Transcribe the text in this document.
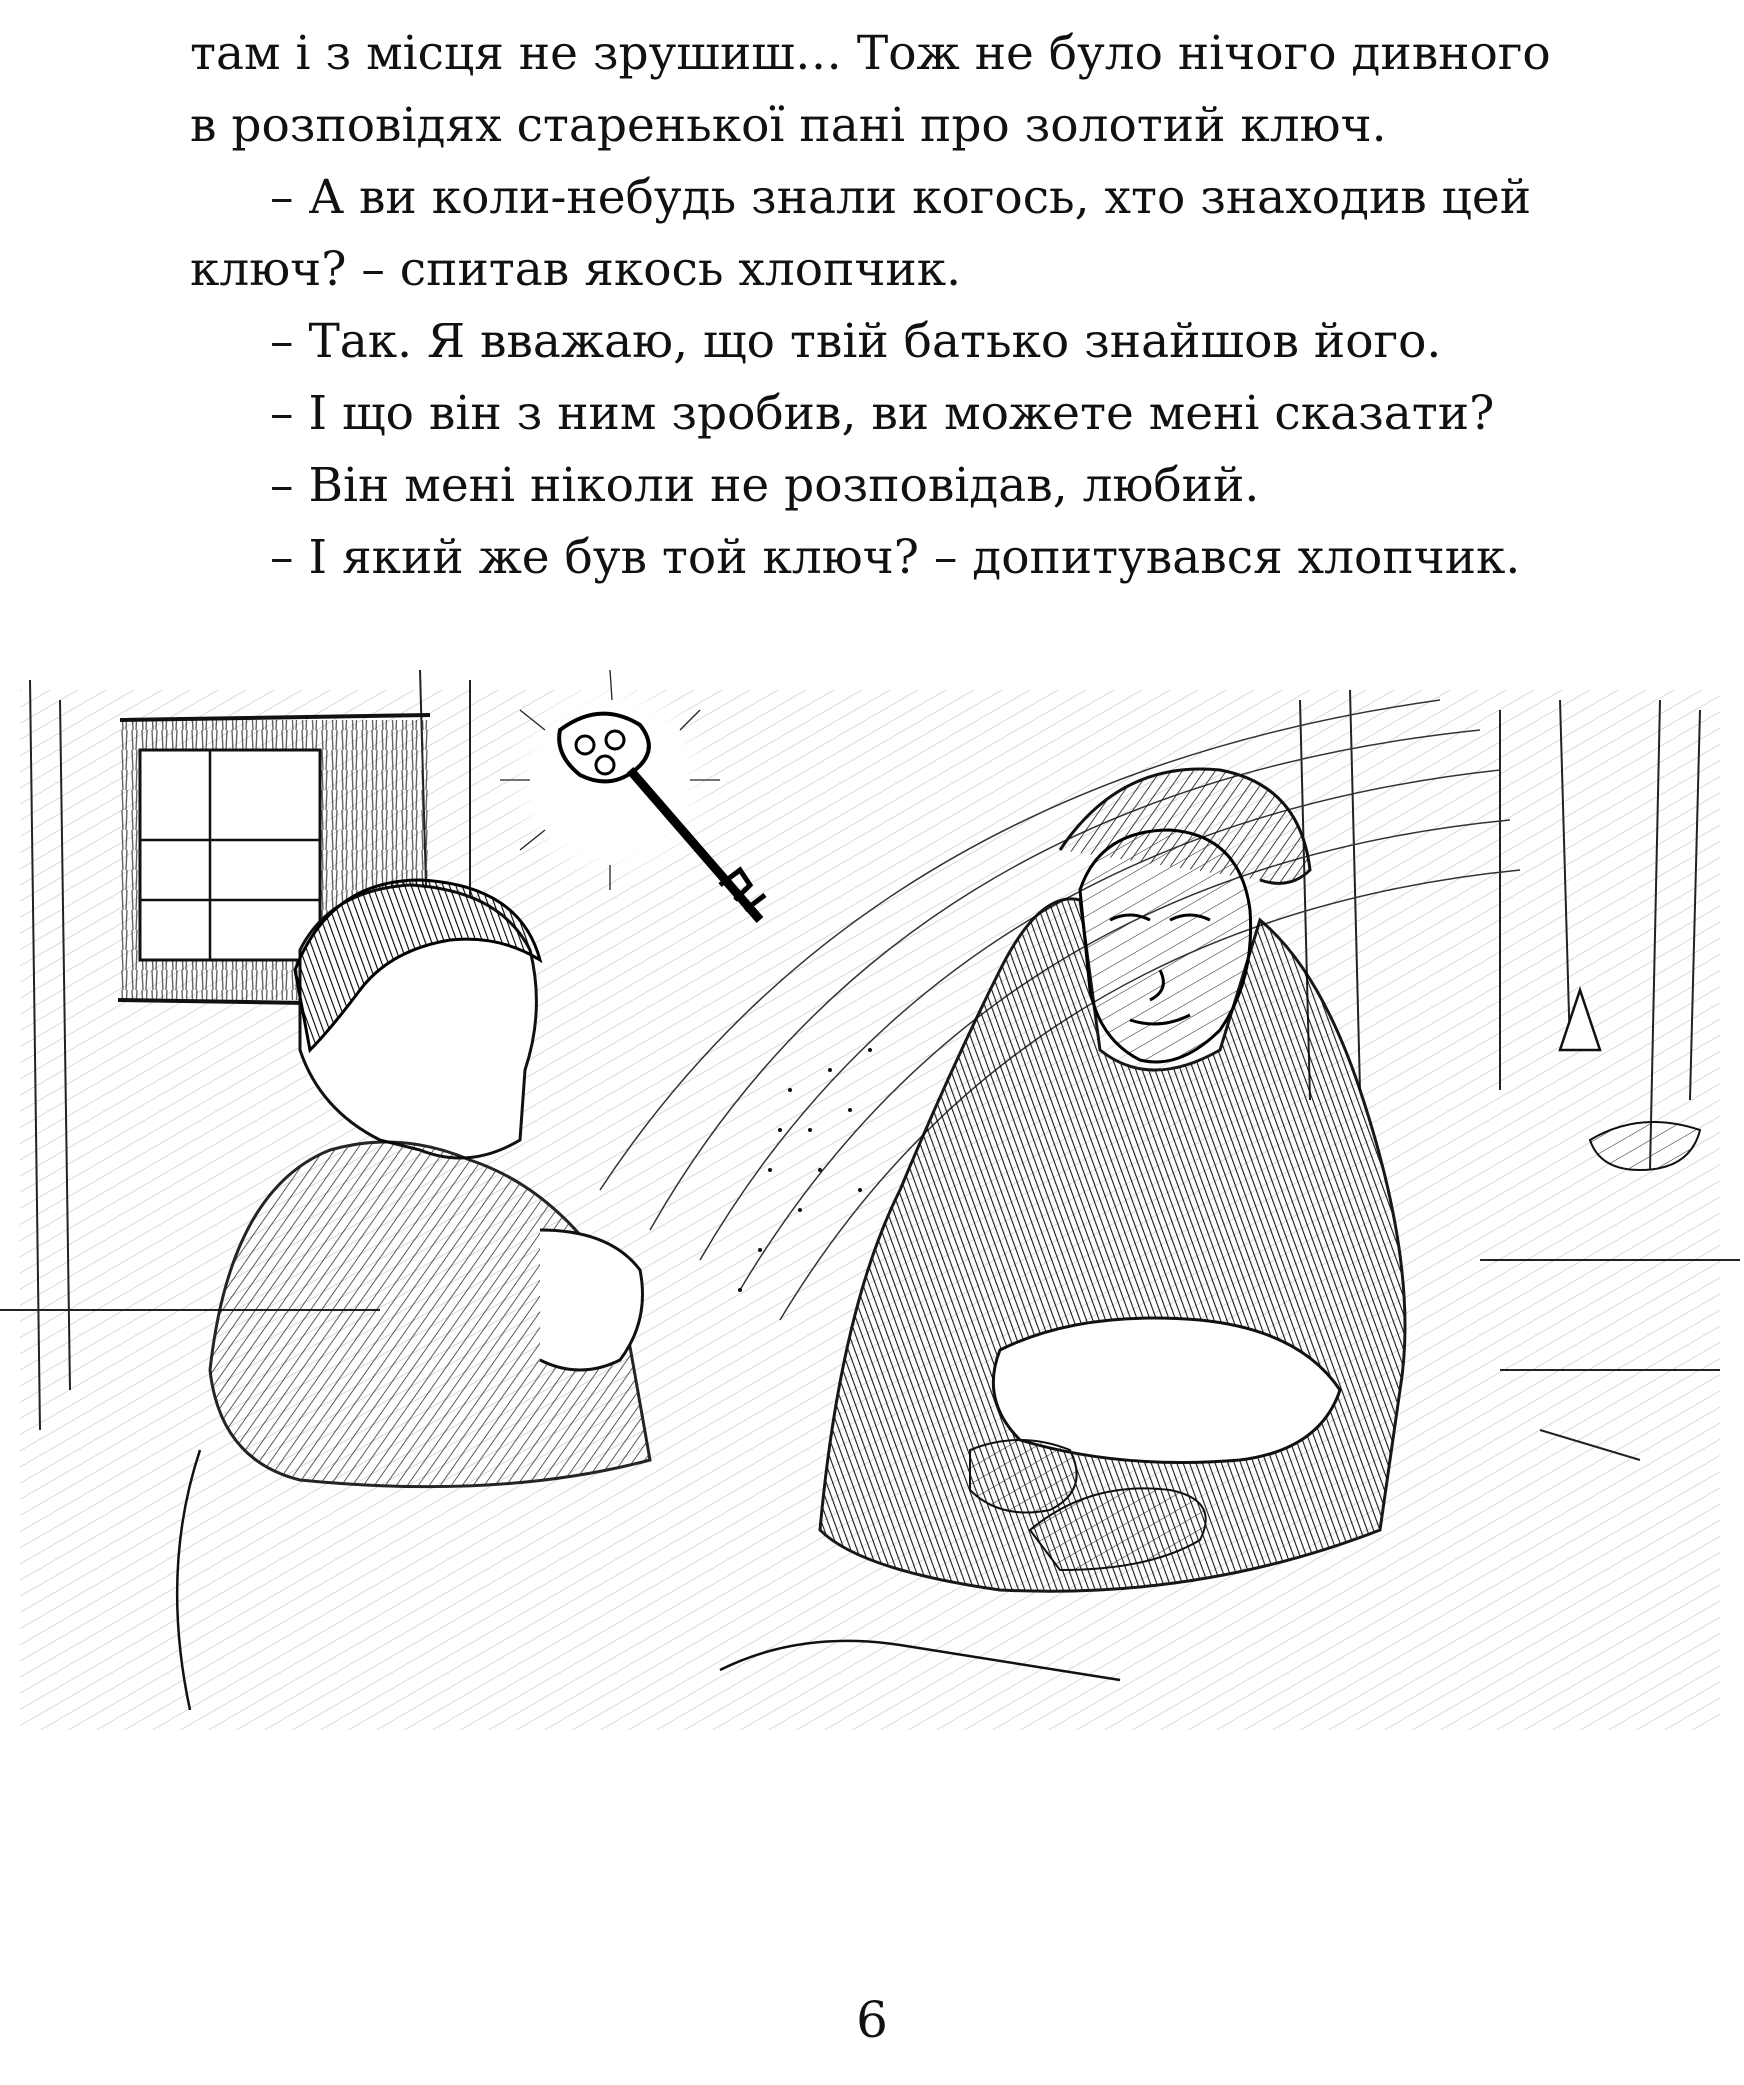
там і з місця не зрушиш… Тож не було нічого дивного
в розповідях старенької пані про золотий ключ.

– А ви коли-небудь знали когось, хто знаходив цей
ключ? – спитав якось хлопчик.

– Так. Я вважаю, що твій батько знайшов його.

– І що він з ним зробив, ви можете мені сказати?

– Він мені ніколи не розповідав, любий.

– І який же був той ключ? – допитувався хлопчик.

6
